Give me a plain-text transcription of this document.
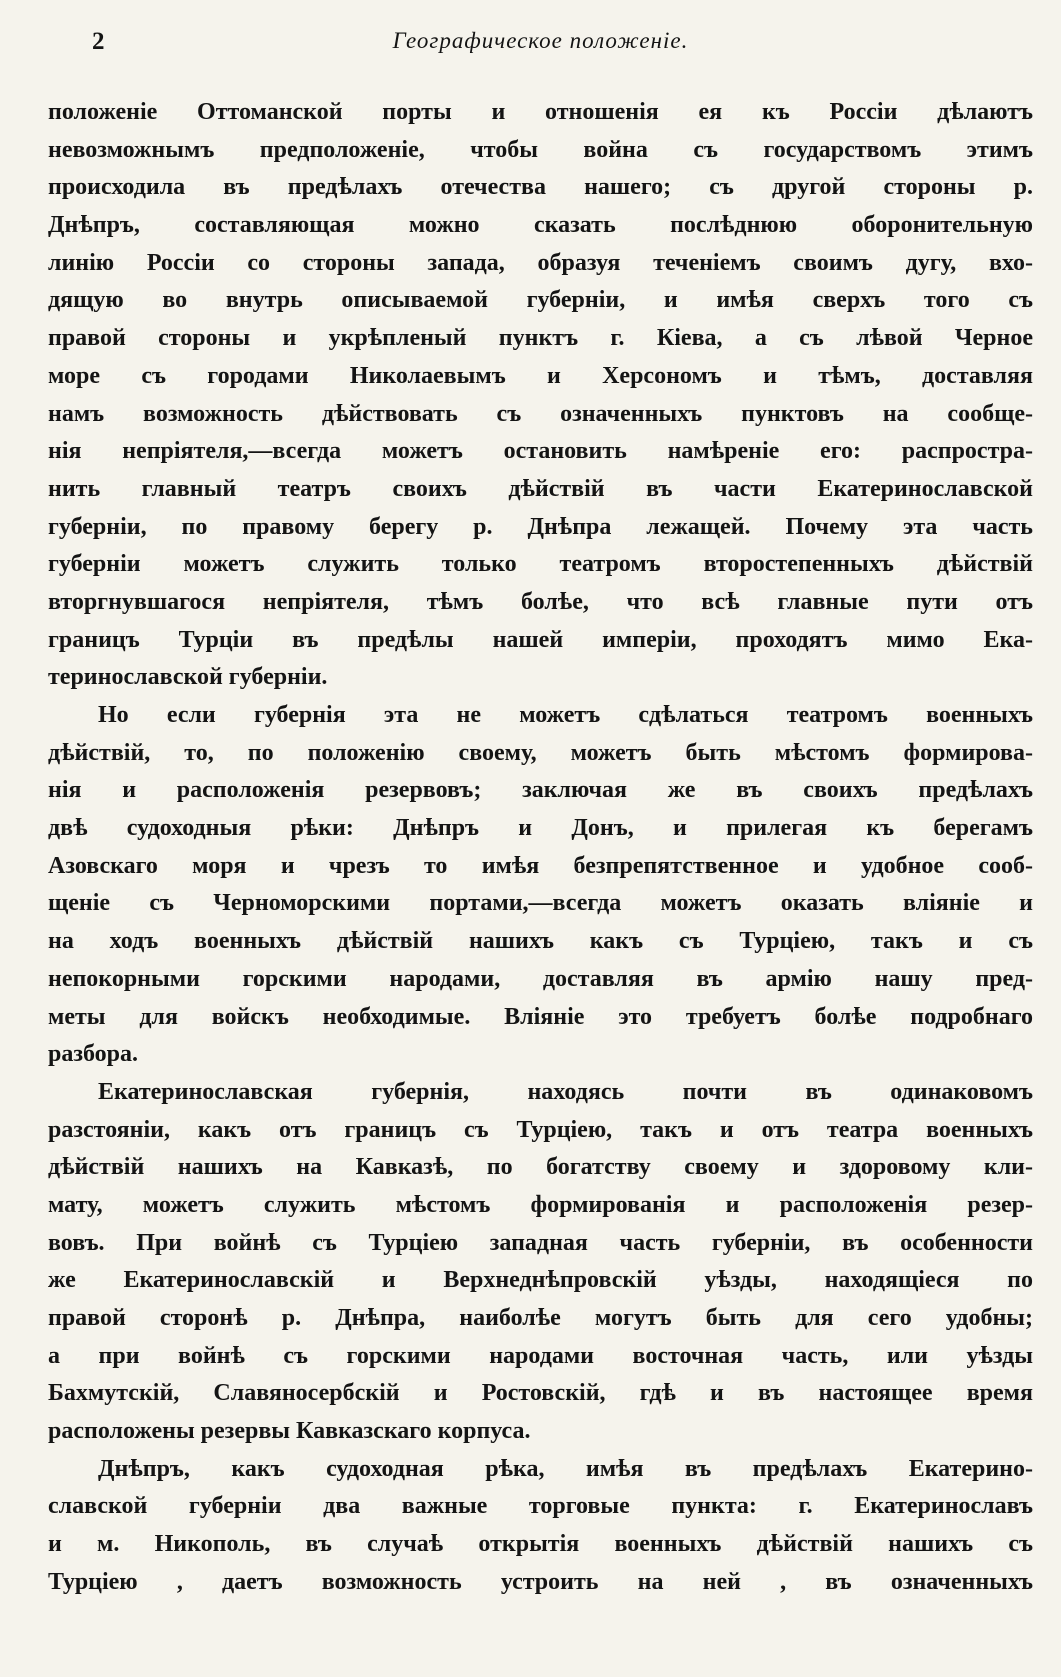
2	Географическое положеніе.
положеніе Оттоманской порты и отношенія ея къ Россіи дѣлаютъ
невозможнымъ предположеніе, чтобы война съ государствомъ этимъ
происходила въ предѣлахъ отечества нашего; съ другой стороны р.
Днѣпръ, составляющая можно сказать послѣднюю оборонительную
линію Россіи со стороны запада, образуя теченіемъ своимъ дугу, вхо-
дящую во внутрь описываемой губерніи, и имѣя сверхъ того съ
правой стороны и укрѣпленый пунктъ г. Кіева, а съ лѣвой Черное
море съ городами Николаевымъ и Херсономъ и тѣмъ, доставляя
намъ возможность дѣйствовать съ означенныхъ пунктовъ на сообще-
нія непріятеля,—всегда можетъ остановить намѣреніе его: распростра-
нить главный театръ своихъ дѣйствій въ части Екатеринославской
губерніи, по правому берегу р. Днѣпра лежащей. Почему эта часть
губерніи можетъ служить только театромъ второстепенныхъ дѣйствій
вторгнувшагося непріятеля, тѣмъ болѣе, что всѣ главные пути отъ
границъ Турціи въ предѣлы нашей имперіи, проходятъ мимо Ека-
теринославской губерніи.
Но если губернія эта не можетъ сдѣлаться театромъ военныхъ
дѣйствій, то, по положенію своему, можетъ быть мѣстомъ формирова-
нія и расположенія резервовъ; заключая же въ своихъ предѣлахъ
двѣ судоходныя рѣки: Днѣпръ и Донъ, и прилегая къ берегамъ
Азовскаго моря и чрезъ то имѣя безпрепятственное и удобное сооб-
щеніе съ Черноморскими портами,—всегда можетъ оказать вліяніе и
на ходъ военныхъ дѣйствій нашихъ какъ съ Турціею, такъ и съ
непокорными горскими народами, доставляя въ армію нашу пред-
меты для войскъ необходимые. Вліяніе это требуетъ болѣе подробнаго
разбора.
Екатеринославская губернія, находясь почти въ одинаковомъ
разстояніи, какъ отъ границъ съ Турціею, такъ и отъ театра военныхъ
дѣйствій нашихъ на Кавказѣ, по богатству своему и здоровому кли-
мату, можетъ служить мѣстомъ формированія и расположенія резер-
вовъ. При войнѣ съ Турціею западная часть губерніи, въ особенности
же Екатеринославскій и Верхнеднѣпровскій уѣзды, находящіеся по
правой сторонѣ р. Днѣпра, наиболѣе могутъ быть для сего удобны;
а при войнѣ съ горскими народами восточная часть, или уѣзды
Бахмутскій, Славяносербскій и Ростовскій, гдѣ и въ настоящее время
расположены резервы Кавказскаго корпуса.
Днѣпръ, какъ судоходная рѣка, имѣя въ предѣлахъ Екатерино-
славской губерніи два важные торговые пункта: г. Екатеринославъ
и м. Никополь, въ случаѣ открытія военныхъ дѣйствій нашихъ съ
Турціею , даетъ возможность устроить на ней , въ означенныхъ
